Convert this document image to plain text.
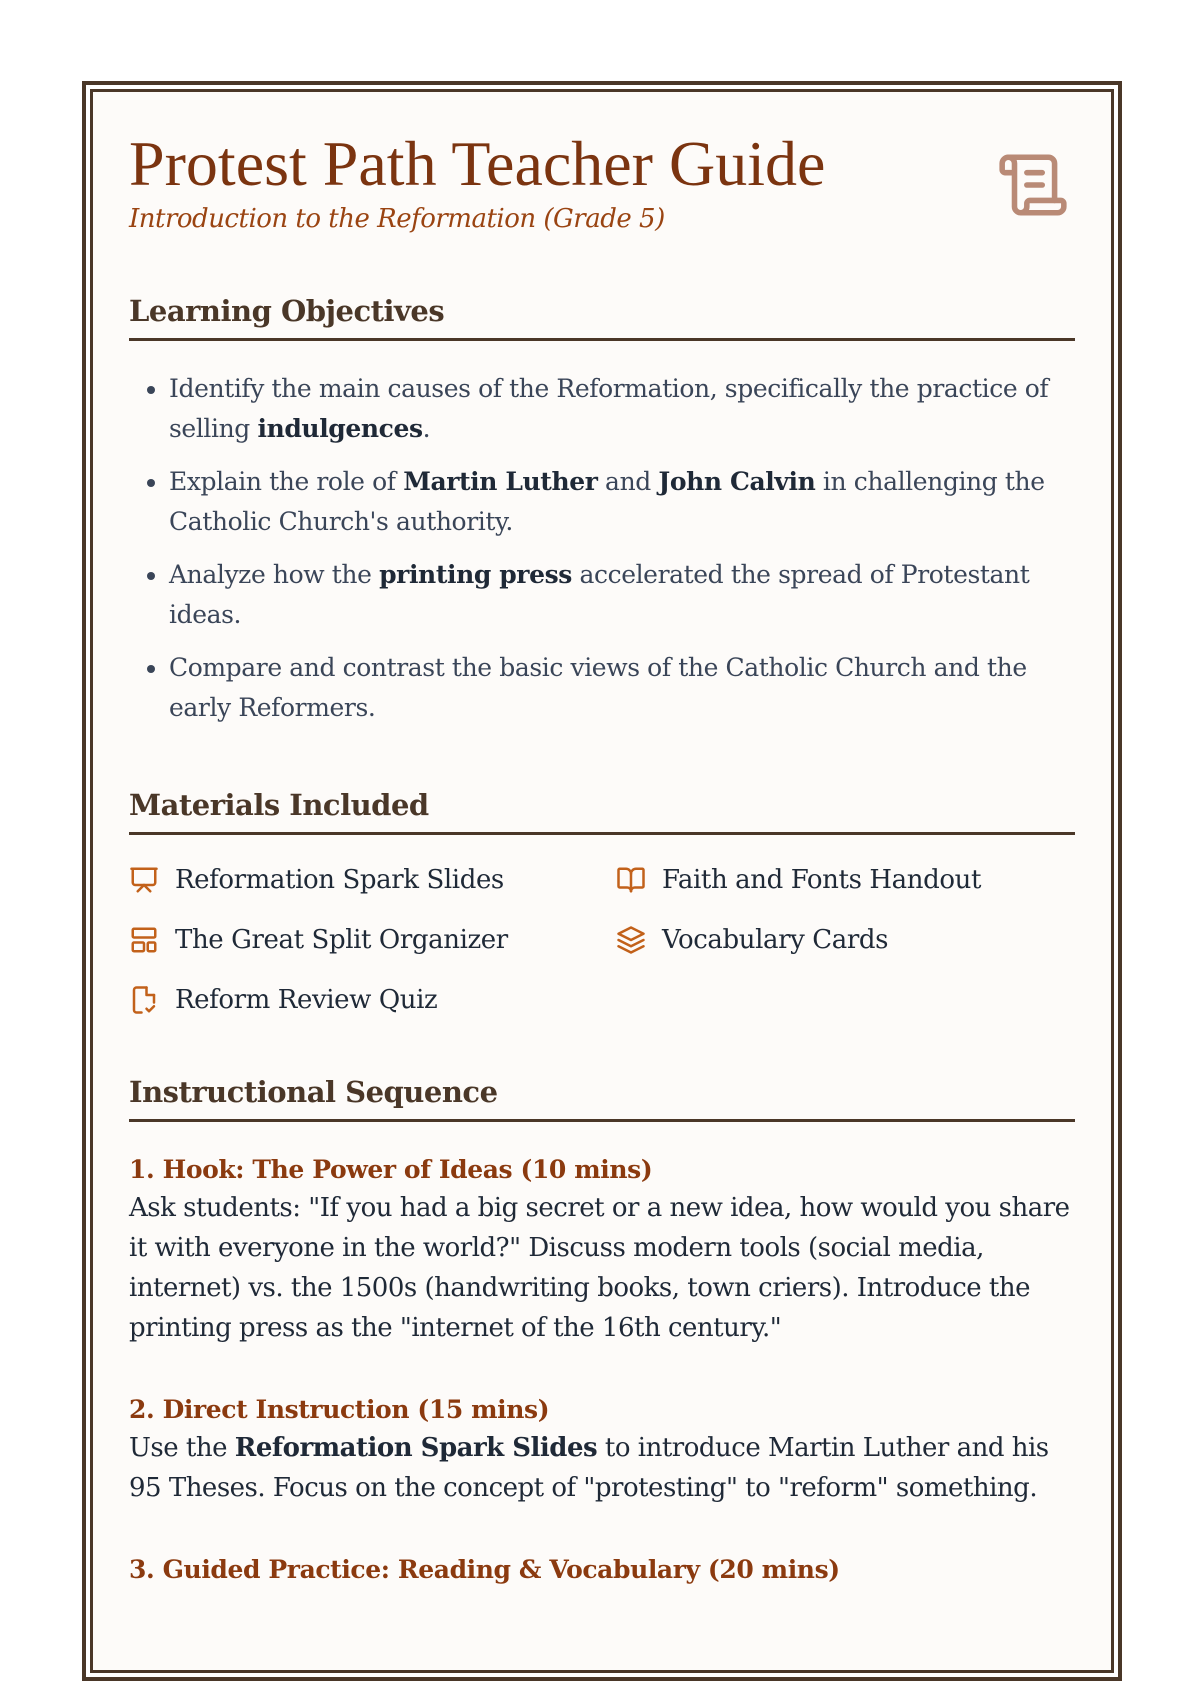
Protest Path Teacher Guide
Introduction to the Reformation (Grade 5)
Learning Objectives
• Identify the main causes of the Reformation, specifically the practice of selling indulgences.
• Explain the role of Martin Luther and John Calvin in challenging the Catholic Church's authority.
• Analyze how the printing press accelerated the spread of Protestant ideas.
• Compare and contrast the basic views of the Catholic Church and the early Reformers.
Materials Included
Reformation Spark Slides	Faith and Fonts Handout
The Great Split Organizer	Vocabulary Cards
Reform Review Quiz
Instructional Sequence
1. Hook: The Power of Ideas (10 mins)

Ask students: "If you had a big secret or a new idea, how would you share it with everyone in the world?" Discuss modern tools (social media, internet) vs. the 1500s (handwriting books, town criers). Introduce the printing press as the "internet of the 16th century."

2. Direct Instruction (15 mins)

Use the Reformation Spark Slides to introduce Martin Luther and his 95 Theses. Focus on the concept of "protesting" to "reform" something.

3. Guided Practice: Reading & Vocabulary (20 mins)
